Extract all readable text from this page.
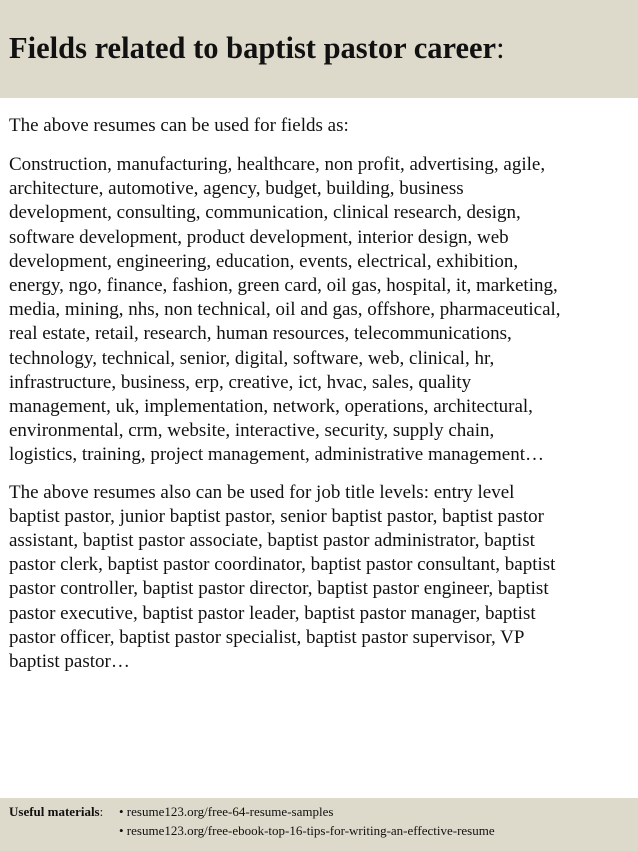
Fields related to baptist pastor career:

The above resumes can be used for fields as:

Construction, manufacturing, healthcare, non profit, advertising, agile,
architecture, automotive, agency, budget, building, business
development, consulting, communication, clinical research, design,
software development, product development, interior design, web
development, engineering, education, events, electrical, exhibition,
energy, ngo, finance, fashion, green card, oil gas, hospital, it, marketing,
media, mining, nhs, non technical, oil and gas, offshore, pharmaceutical,
real estate, retail, research, human resources, telecommunications,
technology, technical, senior, digital, software, web, clinical, hr,
infrastructure, business, erp, creative, ict, hvac, sales, quality
management, uk, implementation, network, operations, architectural,
environmental, crm, website, interactive, security, supply chain,
logistics, training, project management, administrative management…
The above resumes also can be used for job title levels: entry level
baptist pastor, junior baptist pastor, senior baptist pastor, baptist pastor
assistant, baptist pastor associate, baptist pastor administrator, baptist
pastor clerk, baptist pastor coordinator, baptist pastor consultant, baptist
pastor controller, baptist pastor director, baptist pastor engineer, baptist
pastor executive, baptist pastor leader, baptist pastor manager, baptist
pastor officer, baptist pastor specialist, baptist pastor supervisor, VP
baptist pastor…
Useful materials: • resume123.org/free-64-resume-samples
• resume123.org/free-ebook-top-16-tips-for-writing-an-effective-resume
